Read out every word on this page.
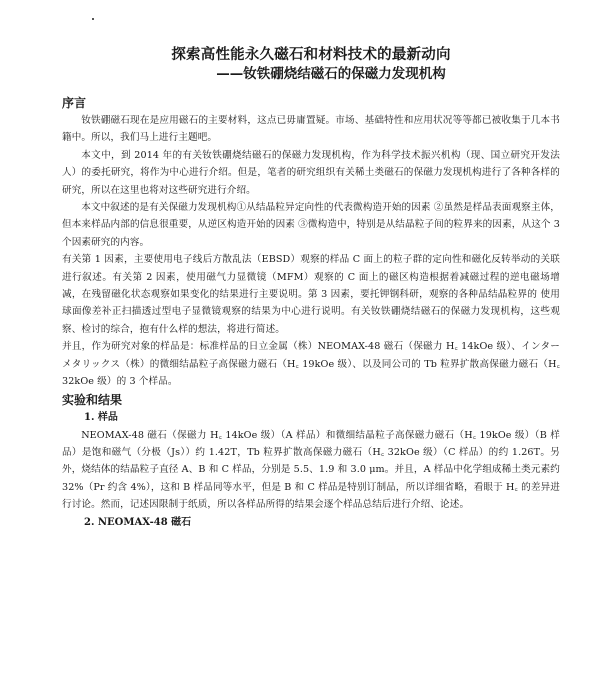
探索高性能永久磁石和材料技术的最新动向
——钕铁硼烧结磁石的保磁力发现机构
序言

钕铁硼磁石现在是应用磁石的主要材料，这点已毋庸置疑。市场、基础特性和应用状况等等都已被收集于几本书籍中。所以，我们马上进行主题吧。

本文中，到 2014 年的有关钕铁硼烧结磁石的保磁力发现机构，作为科学技术振兴机构（现、国立研究开发法人）的委托研究，将作为中心进行介绍。但是，笔者的研究组织有关稀土类磁石的保磁力发现机构进行了各种各样的研究，所以在这里也将对这些研究进行介绍。

本文中叙述的是有关保磁力发现机构①从结晶粒异定向性的代表微构造开始的因素 ②虽然是样品表面观察主体，但本来样品内部的信息很重要，从逆区构造开始的因素 ③微构造中，特别是从结晶粒子间的粒界来的因素，从这个 3 个因素研究的内容。

有关第 1 因素，主要使用电子线后方散乱法（EBSD）观察的样品 C 面上的粒子群的定向性和磁化反转举动的关联进行叙述。有关第 2 因素，使用磁气力显微镜（MFM）观察的 C 面上的磁区构造根据着减磁过程的逆电磁场增减，在残留磁化状态观察如果变化的结果进行主要说明。第 3 因素，要托钾钢科研，观察的各种品结晶粒界的 使用球面像差补正扫描透过型电子显微镜观察的结果为中心进行说明。有关钕铁硼烧结磁石的保磁力发现机构，这些观察、检讨的综合，抱有什么样的想法，将进行简述。

并且，作为研究对象的样品是：标准样品的日立金属（株）NEOMAX-48 磁石（保磁力 H꜀ 14kOe 级）、インターメタリックス（株）的微细结晶粒子高保磁力磁石（H꜀ 19kOe 级）、以及同公司的 Tb 粒界扩散高保磁力磁石（H꜀ 32kOe 级）的 3 个样品。

实验和结果
1. 样品

NEOMAX-48 磁石（保磁力 H꜀ 14kOe 级）（A 样品）和微细结晶粒子高保磁力磁石（H꜀ 19kOe 级）（B 样品）是饱和磁气（分极（Js））约 1.42T，Tb 粒界扩散高保磁力磁石（H꜀ 32kOe 级）（C 样品）的约 1.26T。另外，烧结体的结晶粒子直径 A、B 和 C 样品，分别是 5.5、1.9 和 3.0 μm。并且，A 样品中化学组成稀土类元素约 32%（Pr 约含 4%），这和 B 样品同等水平，但是 B 和 C 样品是特别订制品，所以详细省略，看眼于 H꜀ 的差异进行讨论。然而，记述因限制于纸质，所以各样品所得的结果会逐个样品总结后进行介绍、论述。

2. NEOMAX-48 磁石
